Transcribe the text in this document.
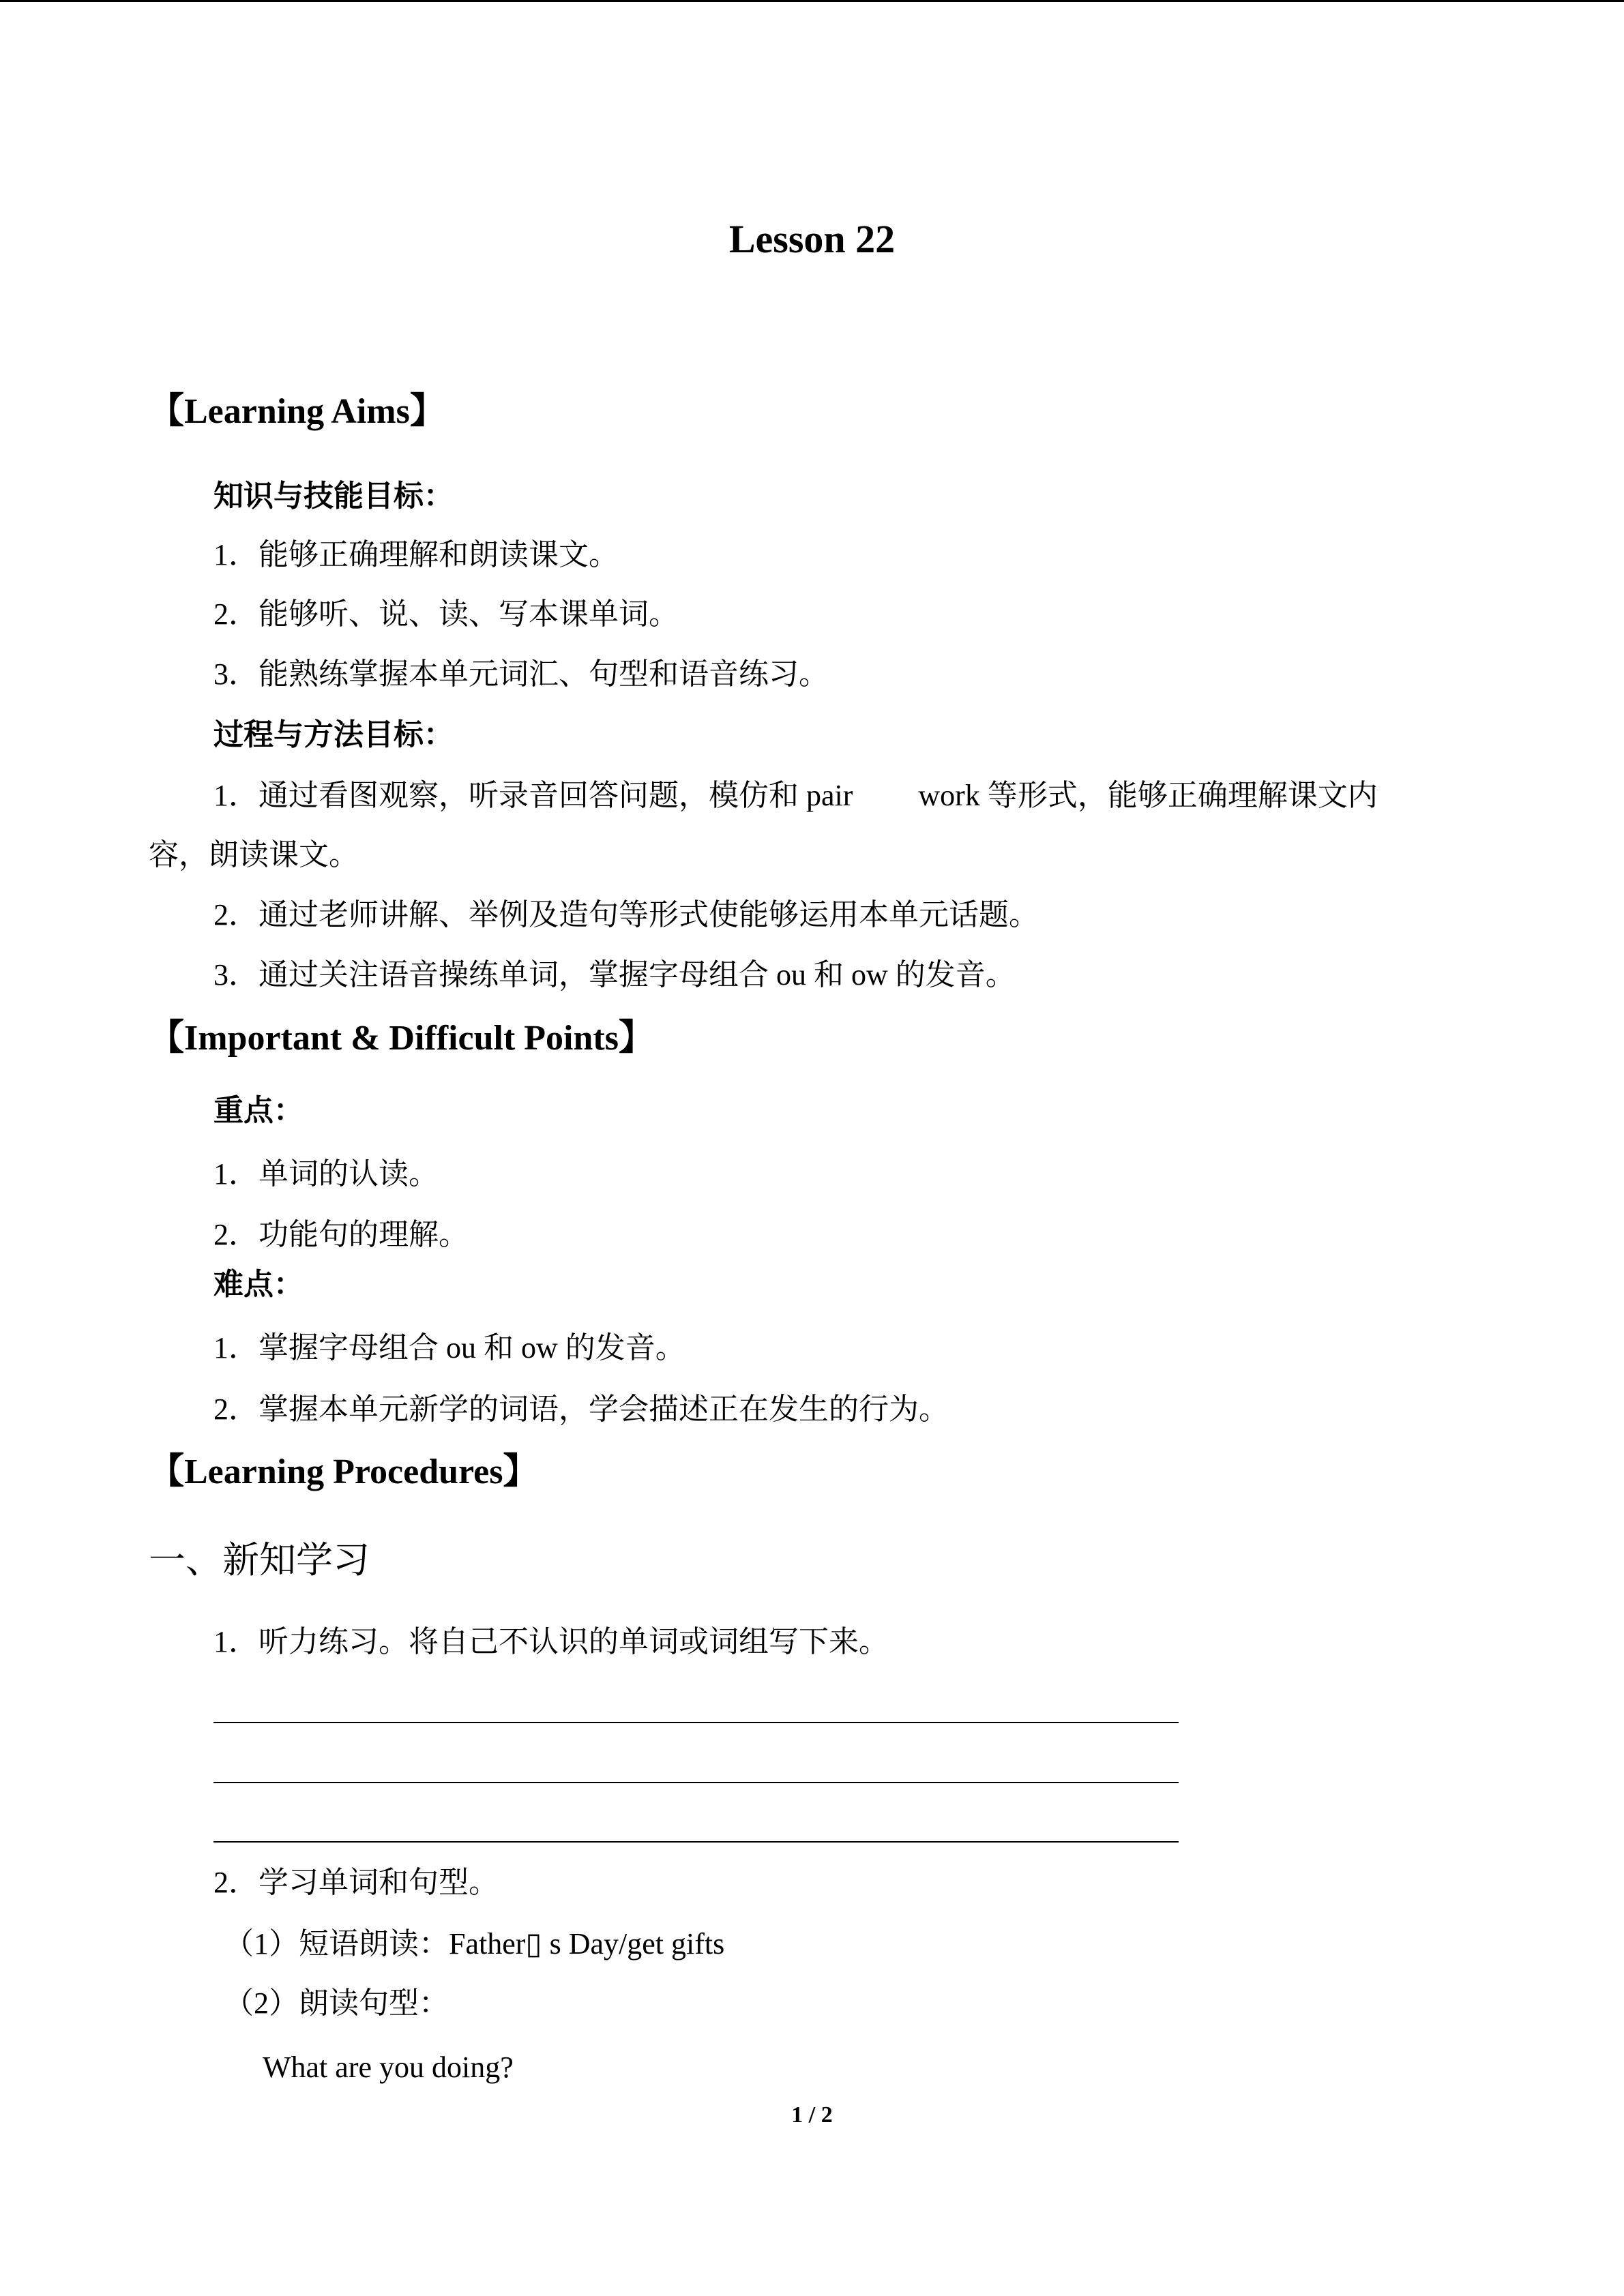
Lesson 22
【Learning Aims】
知识与技能目标：
1．能够正确理解和朗读课文。
2．能够听、说、读、写本课单词。
3．能熟练掌握本单元词汇、句型和语音练习。
过程与方法目标：
1．通过看图观察，听录音回答问题，模仿和 pair work 等形式，能够正确理解课文内
容，朗读课文。
2．通过老师讲解、举例及造句等形式使能够运用本单元话题。
3．通过关注语音操练单词，掌握字母组合 ou 和 ow 的发音。
【Important & Difficult Points】
重点：
1．单词的认读。
2．功能句的理解。
难点：
1．掌握字母组合 ou 和 ow 的发音。
2．掌握本单元新学的词语，学会描述正在发生的行为。
【Learning Procedures】
一、新知学习
1．听力练习。将自己不认识的单词或词组写下来。
2．学习单词和句型。
（1）短语朗读：Father▯ s Day/get gifts
（2）朗读句型：
What are you doing?
1 / 2
